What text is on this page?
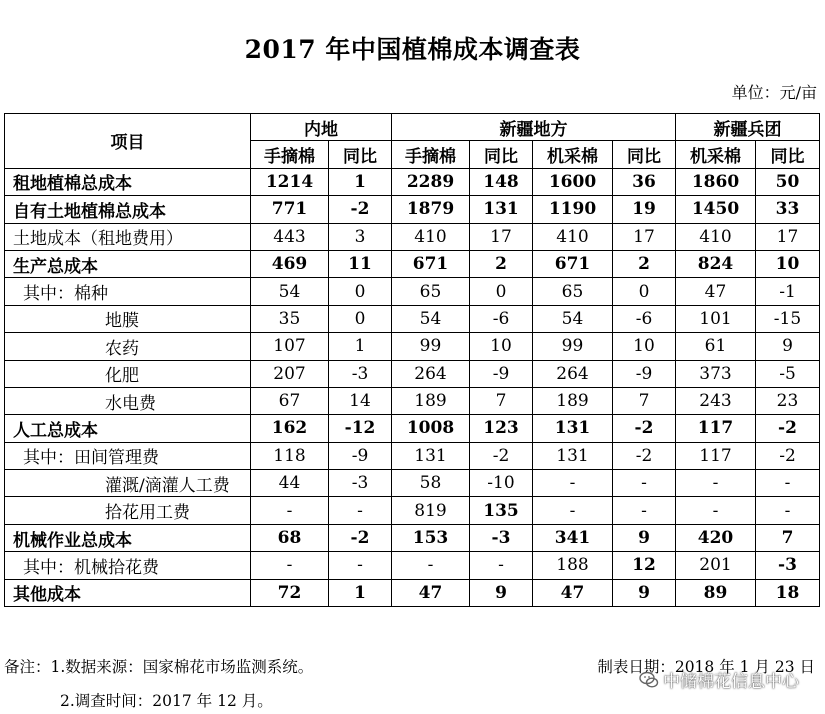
2017 年中国植棉成本调查表
单位：元/亩
项目	内地		新疆地方				新疆兵团	
	手摘棉	同比	手摘棉	同比	机采棉	同比	机采棉	同比
租地植棉总成本	1214	1	2289	148	1600	36	1860	50
自有土地植棉总成本	771	-2	1879	131	1190	19	1450	33
土地成本（租地费用）	443	3	410	17	410	17	410	17
生产总成本	469	11	671	2	671	2	824	10
其中：棉种	54	0	65	0	65	0	47	-1
地膜	35	0	54	-6	54	-6	101	-15
农药	107	1	99	10	99	10	61	9
化肥	207	-3	264	-9	264	-9	373	-5
水电费	67	14	189	7	189	7	243	23
人工总成本	162	-12	1008	123	131	-2	117	-2
其中：田间管理费	118	-9	131	-2	131	-2	117	-2
灌溉/滴灌人工费	44	-3	58	-10	-	-	-	-
拾花用工费	-	-	819	135	-	-	-	-
机械作业总成本	68	-2	153	-3	341	9	420	7
其中：机械拾花费	-	-	-	-	188	12	201	-3
其他成本	72	1	47	9	47	9	89	18
备注：1.数据来源：国家棉花市场监测系统。
2.调查时间：2017 年 12 月。
制表日期：2018 年 1 月 23 日
中储棉花信息中心
